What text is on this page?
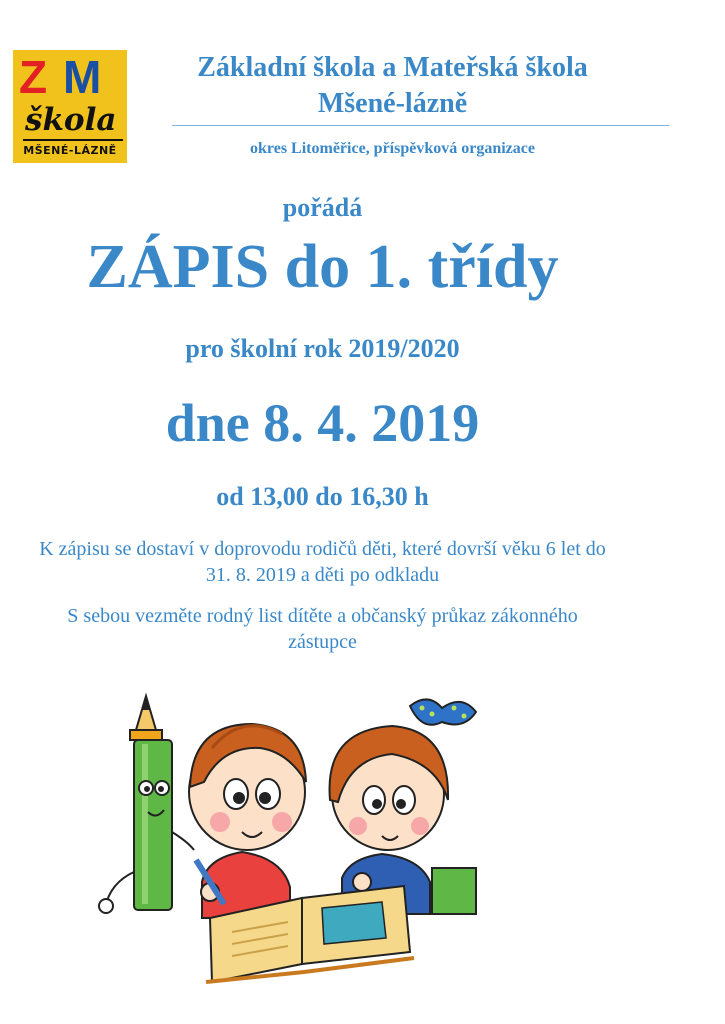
Z M
škola
MŠENÉ-LÁZNĚ
Základní škola a Mateřská škola
Mšené-lázně
okres Litoměřice, příspěvková organizace
pořádá
ZÁPIS do 1. třídy
pro školní rok 2019/2020
dne 8. 4. 2019
od 13,00 do 16,30 h
K zápisu se dostaví v doprovodu rodičů děti, které dovrší věku 6 let do
31. 8. 2019 a děti po odkladu
S sebou vezměte rodný list dítěte a občanský průkaz zákonného
zástupce
